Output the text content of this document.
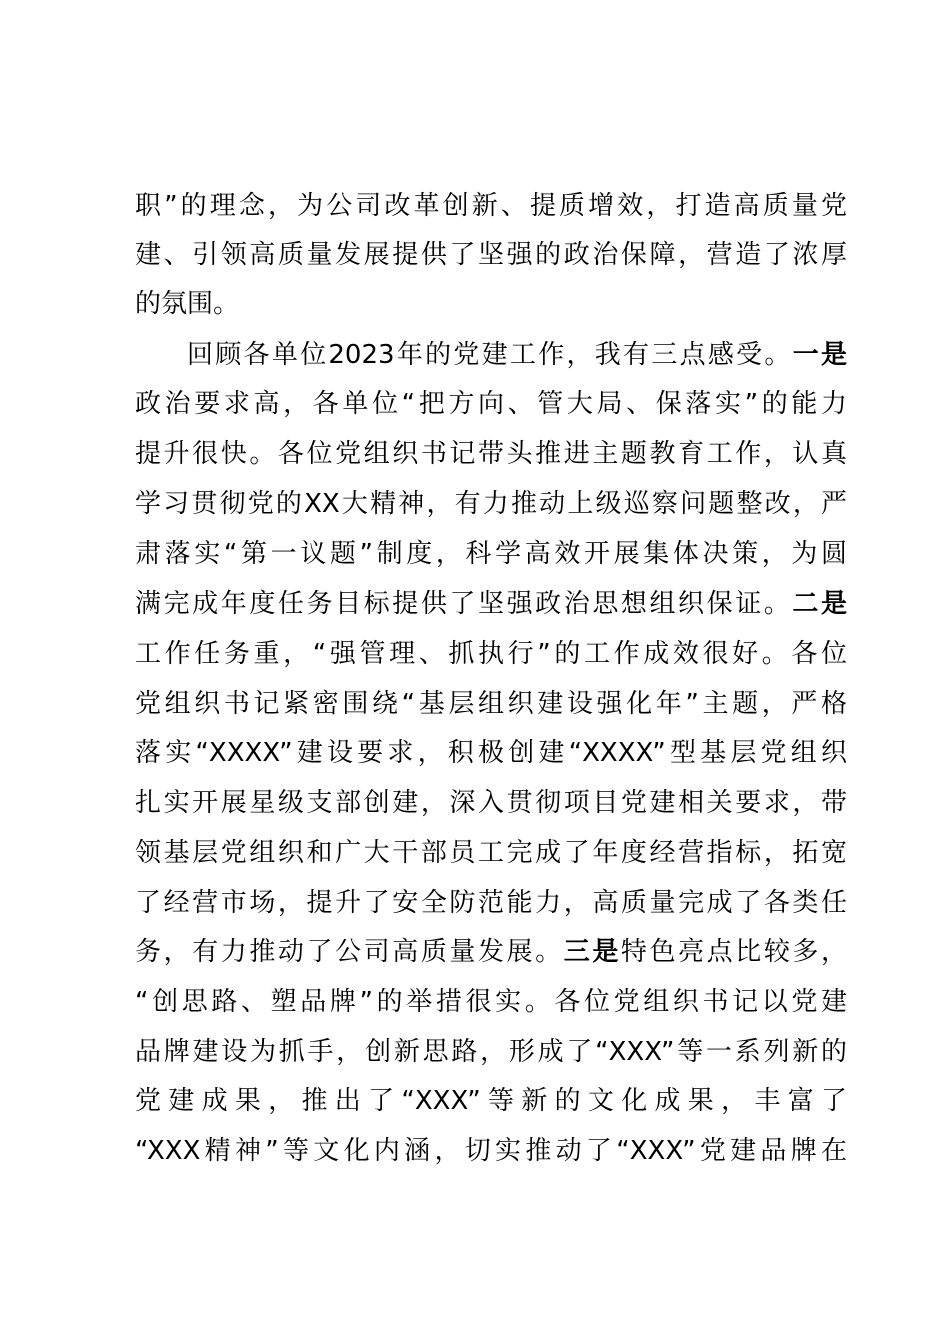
职”的理念，为公司改革创新、提质增效，打造高质量党
建、引领高质量发展提供了坚强的政治保障，营造了浓厚
的氛围。
回顾各单位2023年的党建工作，我有三点感受。一是
政治要求高，各单位“把方向、管大局、保落实”的能力
提升很快。各位党组织书记带头推进主题教育工作，认真
学习贯彻党的XX大精神，有力推动上级巡察问题整改，严
肃落实“第一议题”制度，科学高效开展集体决策，为圆
满完成年度任务目标提供了坚强政治思想组织保证。二是
工作任务重，“强管理、抓执行”的工作成效很好。各位
党组织书记紧密围绕“基层组织建设强化年”主题，严格
落实“XXXX”建设要求，积极创建“XXXX”型基层党组织
扎实开展星级支部创建，深入贯彻项目党建相关要求，带
领基层党组织和广大干部员工完成了年度经营指标，拓宽
了经营市场，提升了安全防范能力，高质量完成了各类任
务，有力推动了公司高质量发展。三是特色亮点比较多，
“创思路、塑品牌”的举措很实。各位党组织书记以党建
品牌建设为抓手，创新思路，形成了“XXX”等一系列新的
党建成果，推出了“XXX”等新的文化成果，丰富了
“XXX精神”等文化内涵，切实推动了“XXX”党建品牌在
